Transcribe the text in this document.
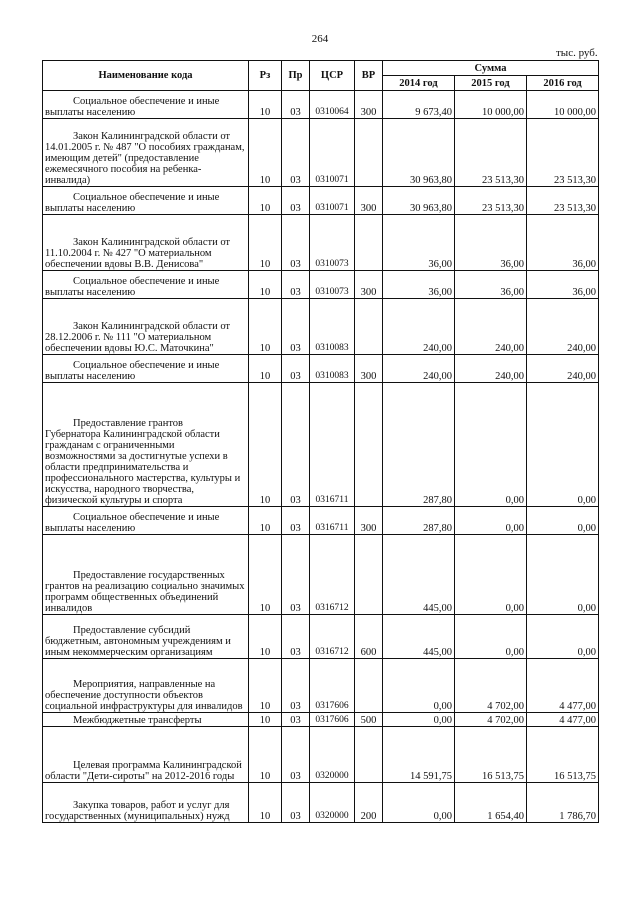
264
тыс. руб.
Наименование кода	Рз	Пр	ЦСР	ВР	Сумма		
					2014 год	2015 год	2016 год
Социальное обеспечение и иные
выплаты населению	10	03	0310064	300	9 673,40	10 000,00	10 000,00
Закон Калининградской области от
14.01.2005 г. № 487 "О пособиях гражданам, имеющим детей" (предоставление ежемесячного пособия на ребенка-инвалида)	10	03	0310071		30 963,80	23 513,30	23 513,30
Социальное обеспечение и иные
выплаты населению	10	03	0310071	300	30 963,80	23 513,30	23 513,30
Закон Калининградской области от
11.10.2004 г. № 427 "О материальном обеспечении вдовы В.В. Денисова"	10	03	0310073		36,00	36,00	36,00
Социальное обеспечение и иные
выплаты населению	10	03	0310073	300	36,00	36,00	36,00
Закон Калининградской области от
28.12.2006 г. № 111 "О материальном обеспечении вдовы Ю.С. Маточкина"	10	03	0310083		240,00	240,00	240,00
Социальное обеспечение и иные
выплаты населению	10	03	0310083	300	240,00	240,00	240,00
Предоставление грантов
Губернатора Калининградской области гражданам с ограниченными возможностями за достигнутые успехи в области предпринимательства и профессионального мастерства, культуры и искусства, народного творчества, физической культуры и спорта	10	03	0316711		287,80	0,00	0,00
Социальное обеспечение и иные
выплаты населению	10	03	0316711	300	287,80	0,00	0,00
Предоставление государственных
грантов на реализацию социально значимых программ общественных объединений инвалидов	10	03	0316712		445,00	0,00	0,00
Предоставление субсидий
бюджетным, автономным учреждениям и иным некоммерческим организациям	10	03	0316712	600	445,00	0,00	0,00
Мероприятия, направленные на
обеспечение доступности объектов социальной инфраструктуры для инвалидов	10	03	0317606		0,00	4 702,00	4 477,00
Межбюджетные трансферты	10	03	0317606	500	0,00	4 702,00	4 477,00
Целевая программа Калининградской
области "Дети-сироты" на 2012-2016 годы	10	03	0320000		14 591,75	16 513,75	16 513,75
Закупка товаров, работ и услуг для
государственных (муниципальных) нужд	10	03	0320000	200	0,00	1 654,40	1 786,70
